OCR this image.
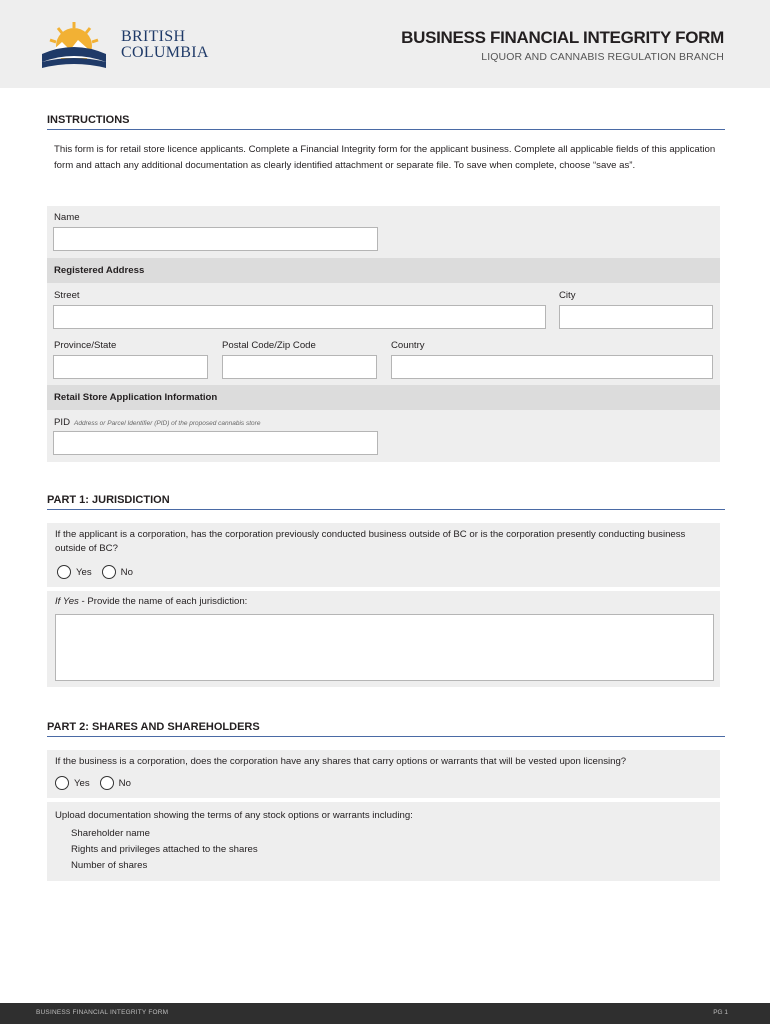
BRITISH
COLUMBIA
BUSINESS FINANCIAL INTEGRITY FORM
LIQUOR AND CANNABIS REGULATION BRANCH
INSTRUCTIONS
This form is for retail store licence applicants. Complete a Financial Integrity form for the applicant business. Complete all applicable fields of this application form and attach any additional documentation as clearly identified attachment or separate file. To save when complete, choose “save as”.
Name
Registered Address
Street	City
Province/State	Postal Code/Zip Code	Country
Retail Store Application Information
PID Address or Parcel Identifier (PID) of the proposed cannabis store
PART 1: JURISDICTION
If the applicant is a corporation, has the corporation previously conducted business outside of BC or is the corporation presently conducting business outside of BC?
Yes	No
If Yes - Provide the name of each jurisdiction:
PART 2: SHARES AND SHAREHOLDERS
If the business is a corporation, does the corporation have any shares that carry options or warrants that will be vested upon licensing?
Yes	No
Upload documentation showing the terms of any stock options or warrants including:
Shareholder name
Rights and privileges attached to the shares
Number of shares
BUSINESS FINANCIAL INTEGRITY FORM	PG 1
